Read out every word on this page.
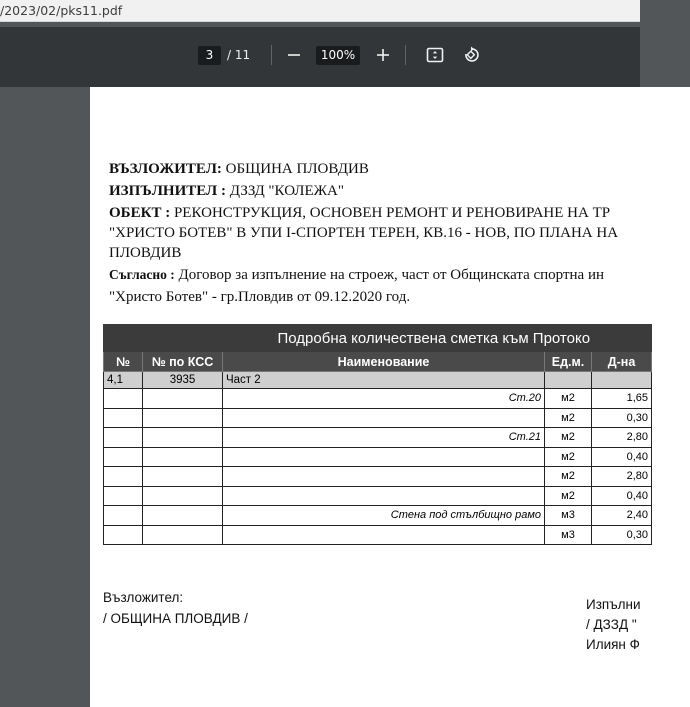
/2023/02/pks11.pdf
3	/ 11	100%
ВЪЗЛОЖИТЕЛ: ОБЩИНА ПЛОВДИВ
ИЗПЪЛНИТЕЛ : ДЗЗД "КОЛЕЖА"
ОБЕКТ : РЕКОНСТРУКЦИЯ, ОСНОВЕН РЕМОНТ И РЕНОВИРАНЕ НА ТР
"ХРИСТО БОТЕВ" В УПИ I-СПОРТЕН ТЕРЕН, КВ.16 - НОВ, ПО ПЛАНА НА
ПЛОВДИВ
Съгласно : Договор за изпълнение на строеж, част от Общинската спортна ин
"Христо Ботев" - гр.Пловдив от 09.12.2020 год.
		Подробна количествена сметка към Протоко		
№	№ по КСС	Наименование	Ед.м.	Д-на
4,1	3935	Част 2		
		Ст.20	м2	1,65
			м2	0,30
		Ст.21	м2	2,80
			м2	0,40
			м2	2,80
			м2	0,40
		Стена под стълбищно рамо	м3	2,40
			м3	0,30
Възложител:
/ ОБЩИНА ПЛОВДИВ /
Изпълни
/ ДЗЗД "
Илиян Ф
